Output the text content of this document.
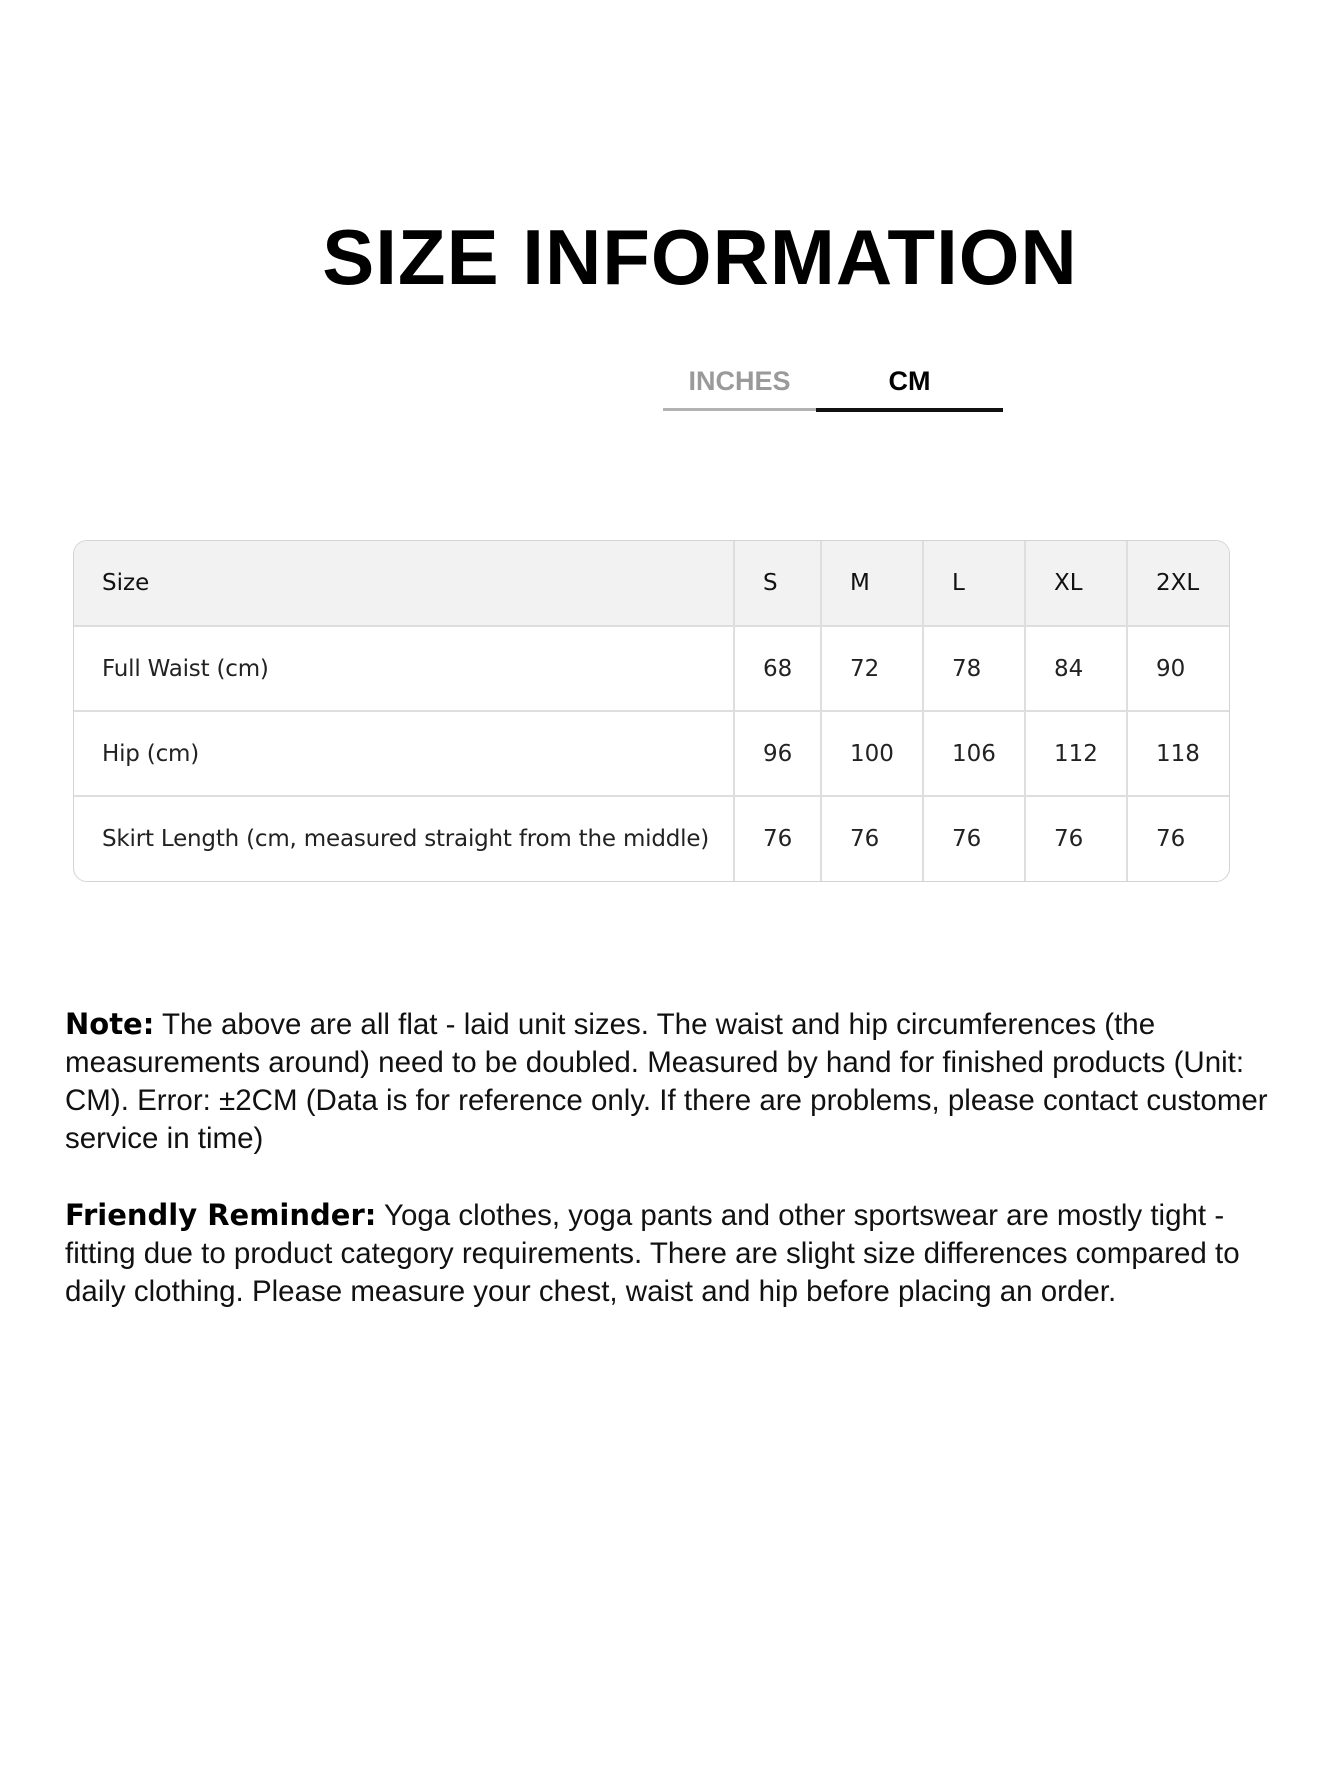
SIZE INFORMATION
INCHES	CM
Size	S	M	L	XL	2XL
Full Waist (cm)	68	72	78	84	90
Hip (cm)	96	100	106	112	118
Skirt Length (cm, measured straight from the middle)	76	76	76	76	76

Note: The above are all flat - laid unit sizes. The waist and hip circumferences (the measurements around) need to be doubled. Measured by hand for finished products (Unit: CM). Error: ±2CM (Data is for reference only. If there are problems, please contact customer service in time)

Friendly Reminder: Yoga clothes, yoga pants and other sportswear are mostly tight - fitting due to product category requirements. There are slight size differences compared to daily clothing. Please measure your chest, waist and hip before placing an order.
